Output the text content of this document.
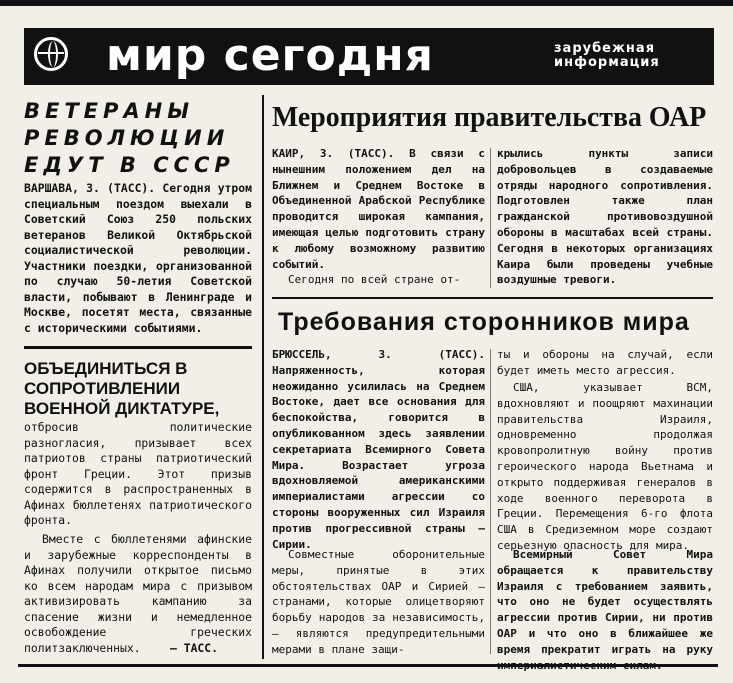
мир сегодня	зарубежная информация
ВЕТЕРАНЫ РЕВОЛЮЦИИ ЕДУТ В СССР
ВАРШАВА, 3. (ТАСС). Сегодня утром специальным поездом выехали в Советский Союз 250 польских ветеранов Великой Октябрьской социалистической революции. Участники поездки, организованной по случаю 50-летия Советской власти, побывают в Ленинграде и Москве, посетят места, связанные с историческими событиями.
ОБЪЕДИНИТЬСЯ В СОПРОТИВЛЕНИИ ВОЕННОЙ ДИКТАТУРЕ,
отбросив политические разногласия, призывает всех патриотов страны патриотический фронт Греции. Этот призыв содержится в распространенных в Афинах бюллетенях патриотического фронта.
Вместе с бюллетенями афинские и зарубежные корреспонденты в Афинах получили открытое письмо ко всем народам мира с призывом активизировать кампанию за спасение жизни и немедленное освобождение греческих политзаключенных.	— ТАСС.
Мероприятия правительства ОАР
КАИР, 3. (ТАСС). В связи с нынешним положением дел на Ближнем и Среднем Востоке в Объединенной Арабской Республике проводится широкая кампания, имеющая целью подготовить страну к любому возможному развитию событий.
Сегодня по всей стране от-
крылись пункты записи добровольцев в создаваемые отряды народного сопротивления. Подготовлен также план гражданской противовоздушной обороны в масштабах всей страны. Сегодня в некоторых организациях Каира были проведены учебные воздушные тревоги.
Требования сторонников мира
БРЮССЕЛЬ, 3. (ТАСС). Напряженность, которая неожиданно усилилась на Среднем Востоке, дает все основания для беспокойства, говорится в опубликованном здесь заявлении секретариата Всемирного Совета Мира. Возрастает угроза вдохновляемой американскими империалистами агрессии со стороны вооруженных сил Израиля против прогрессивной страны — Сирии.
Совместные оборонительные меры, принятые в этих обстоятельствах ОАР и Сирией — странами, которые олицетворяют борьбу народов за независимость, — являются предупредительными мерами в плане защи-
ты и обороны на случай, если будет иметь место агрессия.
США, указывает ВСМ, вдохновляют и поощряют махинации правительства Израиля, одновременно продолжая кровопролитную войну против героического народа Вьетнама и открыто поддерживая генералов в ходе военного переворота в Греции. Перемещения 6-го флота США в Средиземном море создают серьезную опасность для мира.
Всемирный Совет Мира обращается к правительству Израиля с требованием заявить, что оно не будет осуществлять агрессии против Сирии, ни против ОАР и что оно в ближайшее же время прекратит играть на руку
